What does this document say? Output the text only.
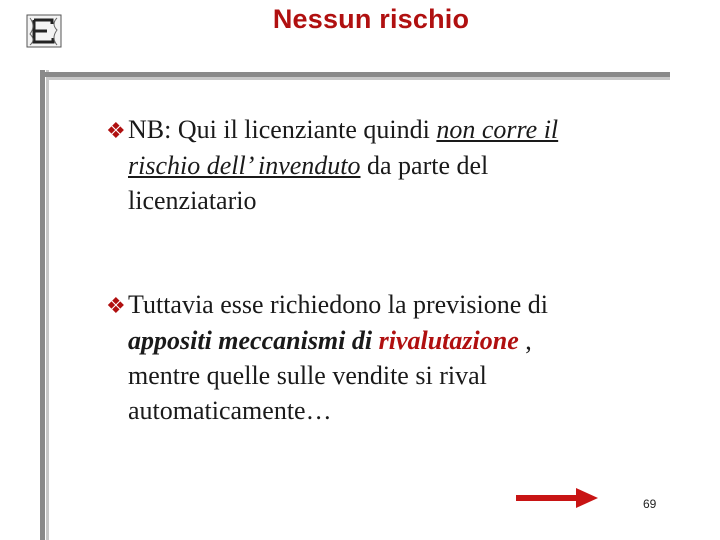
Nessun rischio
❖NB: Qui il licenziante quindi non corre il
rischio dell’ invenduto da parte del
licenziatario
❖Tuttavia esse richiedono la previsione di
appositi meccanismi di rivalutazione ,
mentre quelle sulle vendite si rival
automaticamente…
69
